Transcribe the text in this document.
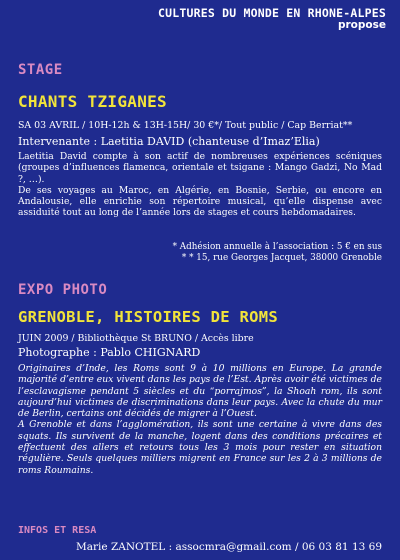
CULTURES DU MONDE EN RHONE-ALPES
propose
STAGE
CHANTS TZIGANES
SA 03 AVRIL / 10H-12h & 13H-15H/ 30 €*/ Tout public / Cap Berriat**
Intervenante : Laetitia DAVID (chanteuse d’Imaz’Elia)

Laetitia David compte à son actif de nombreuses expériences scéniques (groupes d’influences flamenca, orientale et tsigane : Mango Gadzi, No Mad ?, …).

De ses voyages au Maroc, en Algérie, en Bosnie, Serbie, ou encore en Andalousie, elle enrichie son répertoire musical, qu’elle dispense avec assiduité tout au long de l’année lors de stages et cours hebdomadaires.

* Adhésion annuelle à l’association : 5 € en sus
* * 15, rue Georges Jacquet, 38000 Grenoble
EXPO PHOTO
GRENOBLE, HISTOIRES DE ROMS
JUIN 2009 / Bibliothèque St BRUNO / Accès libre
Photographe : Pablo CHIGNARD

Originaires d’Inde, les Roms sont 9 à 10 millions en Europe. La grande majorité d’entre eux vivent dans les pays de l’Est. Après avoir été victimes de l’esclavagisme pendant 5 siècles et du “porrajmos”, la Shoah rom, ils sont aujourd’hui victimes de discriminations dans leur pays. Avec la chute du mur de Berlin, certains ont décidés de migrer à l’Ouest.

A Grenoble et dans l’agglomération, ils sont une certaine à vivre dans des squats. Ils survivent de la manche, logent dans des conditions précaires et effectuent des allers et retours tous les 3 mois pour rester en situation régulière. Seuls quelques milliers migrent en France sur les 2 à 3 millions de roms Roumains.

INFOS ET RESA
Marie ZANOTEL : assocmra@gmail.com / 06 03 81 13 69
